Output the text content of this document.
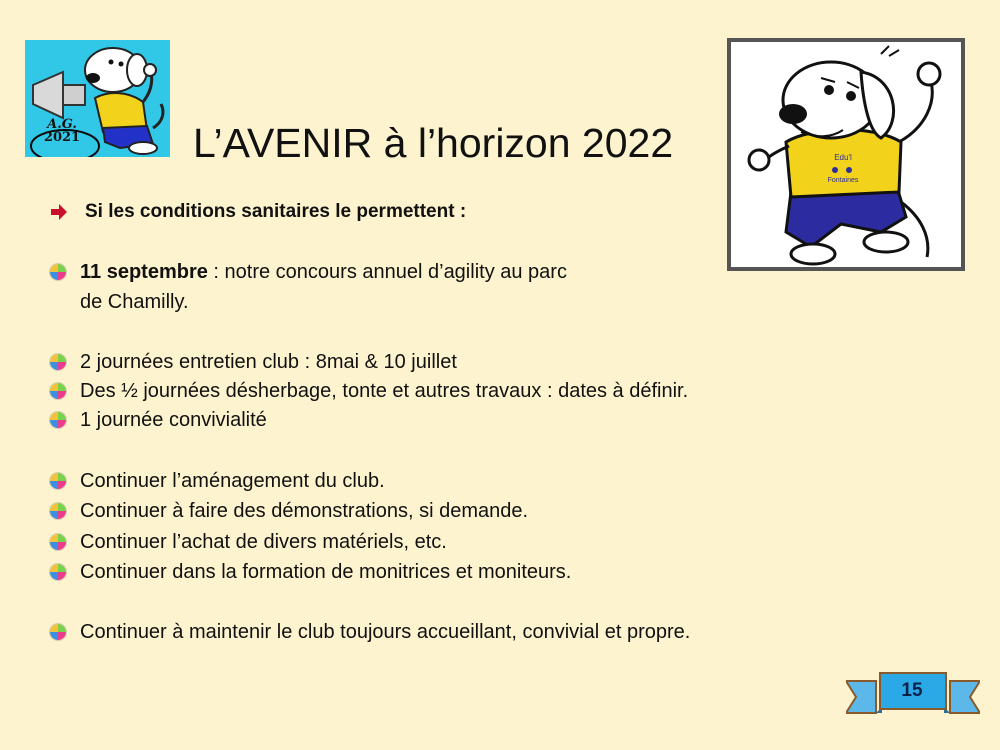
A.G.
2021	L’AVENIR à l’horizon 2022	Edu'l
Fontaines
Si les conditions sanitaires le permettent :
11 septembre : notre concours annuel d’agility au parc
de Chamilly.
2 journées entretien club : 8mai & 10 juillet
Des ½ journées désherbage, tonte et autres travaux : dates à définir.
1 journée convivialité
Continuer l’aménagement du club.
Continuer à faire des démonstrations, si demande.
Continuer l’achat de divers matériels, etc.
Continuer dans la formation de monitrices et moniteurs.
Continuer à maintenir le club toujours accueillant, convivial et propre.
15
